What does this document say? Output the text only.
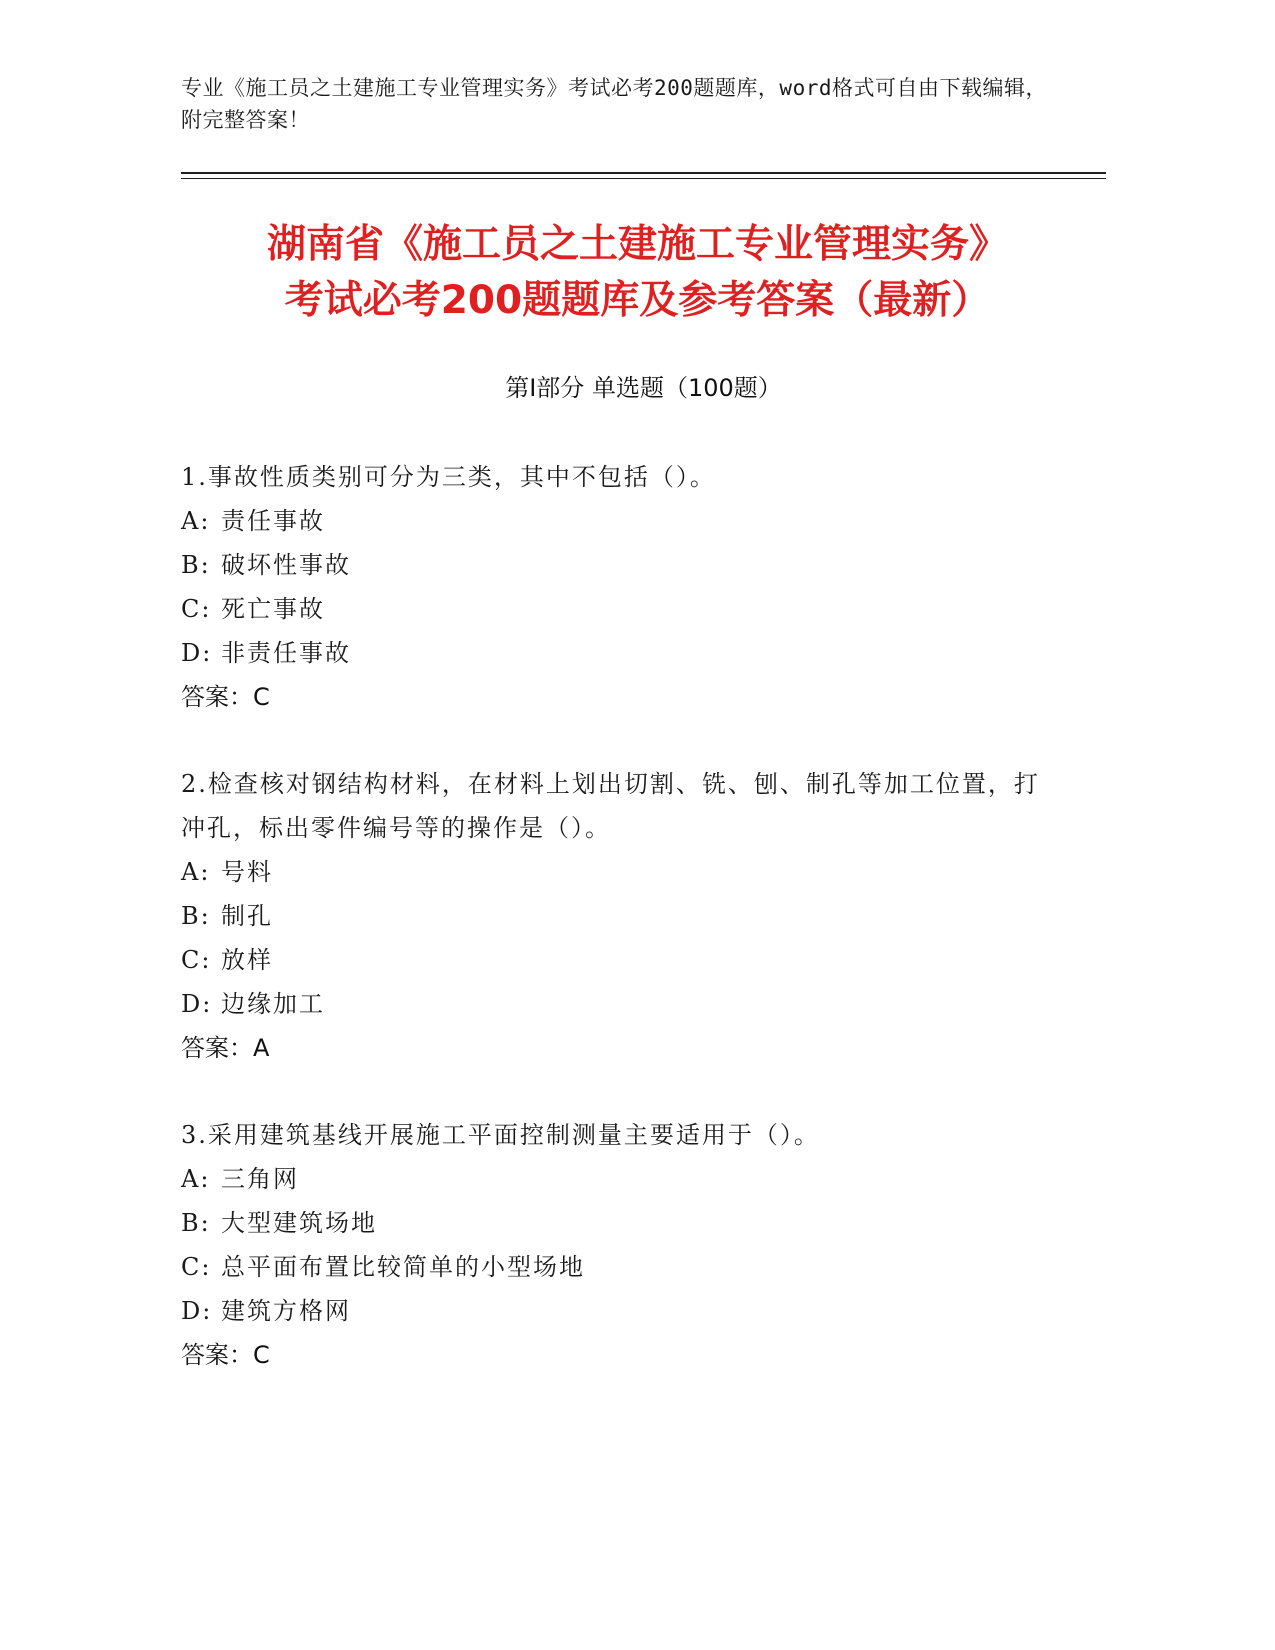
专业《施工员之土建施工专业管理实务》考试必考200题题库，word格式可自由下载编辑，附完整答案！
湖南省《施工员之土建施工专业管理实务》
考试必考200题题库及参考答案（最新）
第I部分 单选题（100题）
1.事故性质类别可分为三类，其中不包括（）。
A: 责任事故
B: 破坏性事故
C: 死亡事故
D: 非责任事故
答案：C
2.检查核对钢结构材料，在材料上划出切割、铣、刨、制孔等加工位置，打冲孔，标出零件编号等的操作是（）。
A: 号料
B: 制孔
C: 放样
D: 边缘加工
答案：A
3.采用建筑基线开展施工平面控制测量主要适用于（）。
A: 三角网
B: 大型建筑场地
C: 总平面布置比较简单的小型场地
D: 建筑方格网
答案：C
